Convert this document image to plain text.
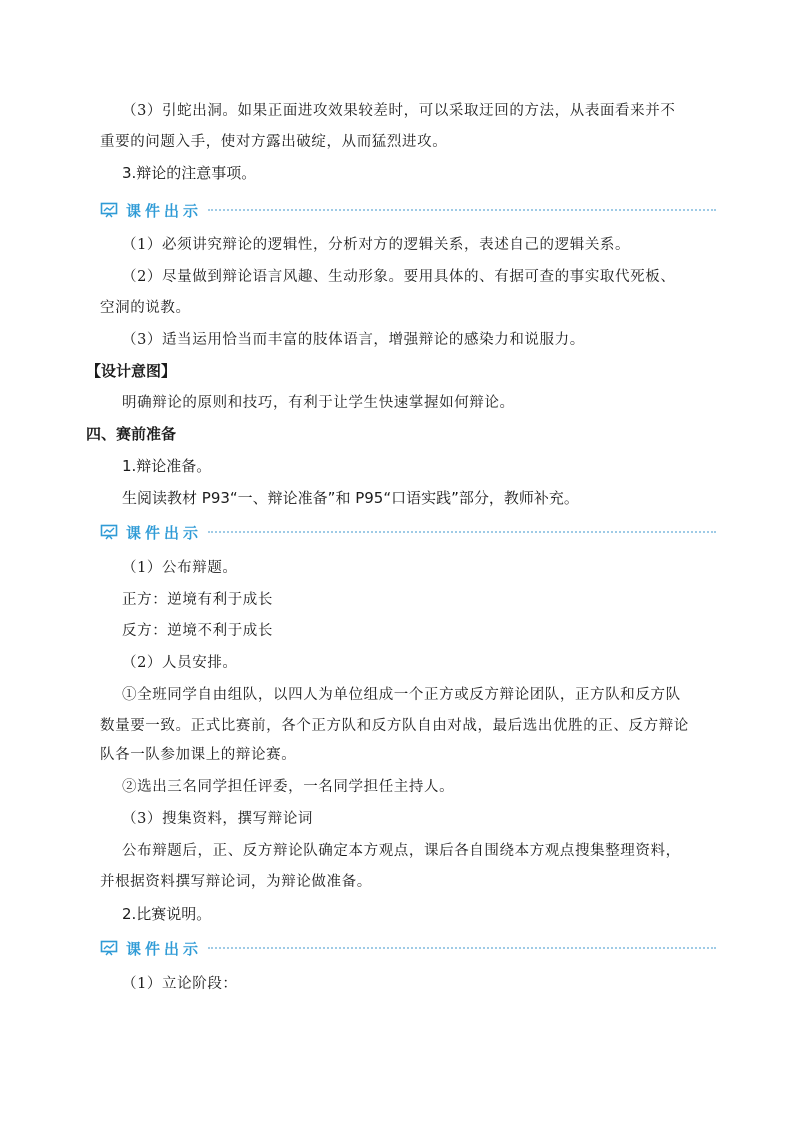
（3）引蛇出洞。如果正面进攻效果较差时，可以采取迂回的方法，从表面看来并不
重要的问题入手，使对方露出破绽，从而猛烈进攻。
3.辩论的注意事项。
课件出示
（1）必须讲究辩论的逻辑性，分析对方的逻辑关系，表述自己的逻辑关系。
（2）尽量做到辩论语言风趣、生动形象。要用具体的、有据可查的事实取代死板、
空洞的说教。
（3）适当运用恰当而丰富的肢体语言，增强辩论的感染力和说服力。
【设计意图】
明确辩论的原则和技巧，有利于让学生快速掌握如何辩论。
四、赛前准备
1.辩论准备。
生阅读教材 P93“一、辩论准备”和 P95“口语实践”部分，教师补充。
课件出示
（1）公布辩题。
正方：逆境有利于成长
反方：逆境不利于成长
（2）人员安排。
①全班同学自由组队，以四人为单位组成一个正方或反方辩论团队，正方队和反方队
数量要一致。正式比赛前，各个正方队和反方队自由对战，最后选出优胜的正、反方辩论
队各一队参加课上的辩论赛。
②选出三名同学担任评委，一名同学担任主持人。
（3）搜集资料，撰写辩论词
公布辩题后，正、反方辩论队确定本方观点，课后各自围绕本方观点搜集整理资料，
并根据资料撰写辩论词，为辩论做准备。
2.比赛说明。
课件出示
（1）立论阶段：
